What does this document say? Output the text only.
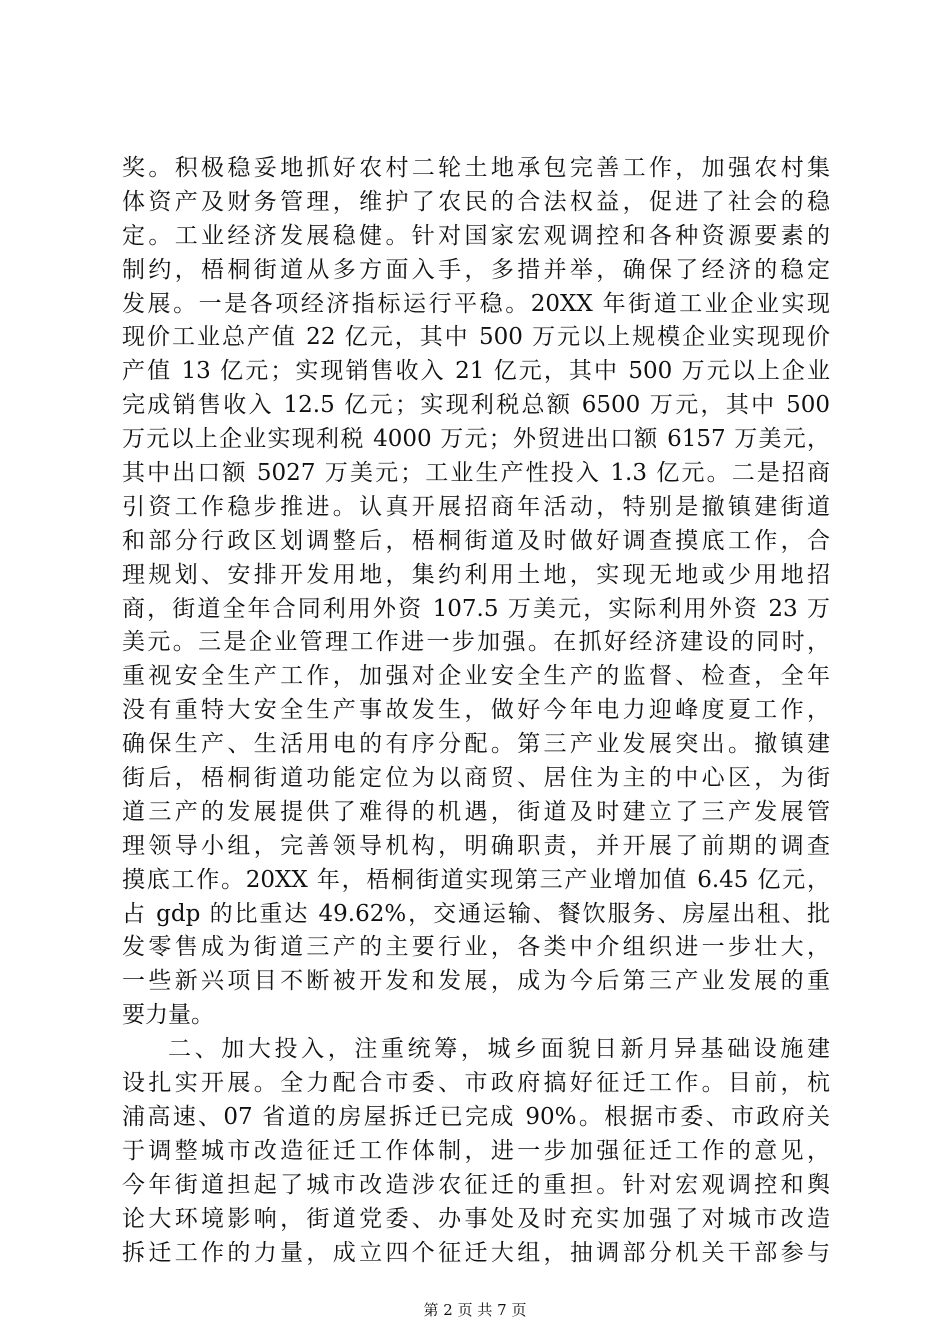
奖。积极稳妥地抓好农村二轮土地承包完善工作，加强农村集
体资产及财务管理，维护了农民的合法权益，促进了社会的稳
定。工业经济发展稳健。针对国家宏观调控和各种资源要素的
制约，梧桐街道从多方面入手，多措并举，确保了经济的稳定
发展。一是各项经济指标运行平稳。20XX 年街道工业企业实现
现价工业总产值 22 亿元，其中 500 万元以上规模企业实现现价
产值 13 亿元；实现销售收入 21 亿元，其中 500 万元以上企业
完成销售收入 12.5 亿元；实现利税总额 6500 万元，其中 500
万元以上企业实现利税 4000 万元；外贸进出口额 6157 万美元，
其中出口额 5027 万美元；工业生产性投入 1.3 亿元。二是招商
引资工作稳步推进。认真开展招商年活动，特别是撤镇建街道
和部分行政区划调整后，梧桐街道及时做好调查摸底工作，合
理规划、安排开发用地，集约利用土地，实现无地或少用地招
商，街道全年合同利用外资 107.5 万美元，实际利用外资 23 万
美元。三是企业管理工作进一步加强。在抓好经济建设的同时，
重视安全生产工作，加强对企业安全生产的监督、检查，全年
没有重特大安全生产事故发生，做好今年电力迎峰度夏工作，
确保生产、生活用电的有序分配。第三产业发展突出。撤镇建
街后，梧桐街道功能定位为以商贸、居住为主的中心区，为街
道三产的发展提供了难得的机遇，街道及时建立了三产发展管
理领导小组，完善领导机构，明确职责，并开展了前期的调查
摸底工作。20XX 年，梧桐街道实现第三产业增加值 6.45 亿元，
占 gdp 的比重达 49.62%，交通运输、餐饮服务、房屋出租、批
发零售成为街道三产的主要行业，各类中介组织进一步壮大，
一些新兴项目不断被开发和发展，成为今后第三产业发展的重
要力量。
二、加大投入，注重统筹，城乡面貌日新月异基础设施建
设扎实开展。全力配合市委、市政府搞好征迁工作。目前，杭
浦高速、07 省道的房屋拆迁已完成 90%。根据市委、市政府关
于调整城市改造征迁工作体制，进一步加强征迁工作的意见，
今年街道担起了城市改造涉农征迁的重担。针对宏观调控和舆
论大环境影响，街道党委、办事处及时充实加强了对城市改造
拆迁工作的力量，成立四个征迁大组，抽调部分机关干部参与
第 2 页 共 7 页
